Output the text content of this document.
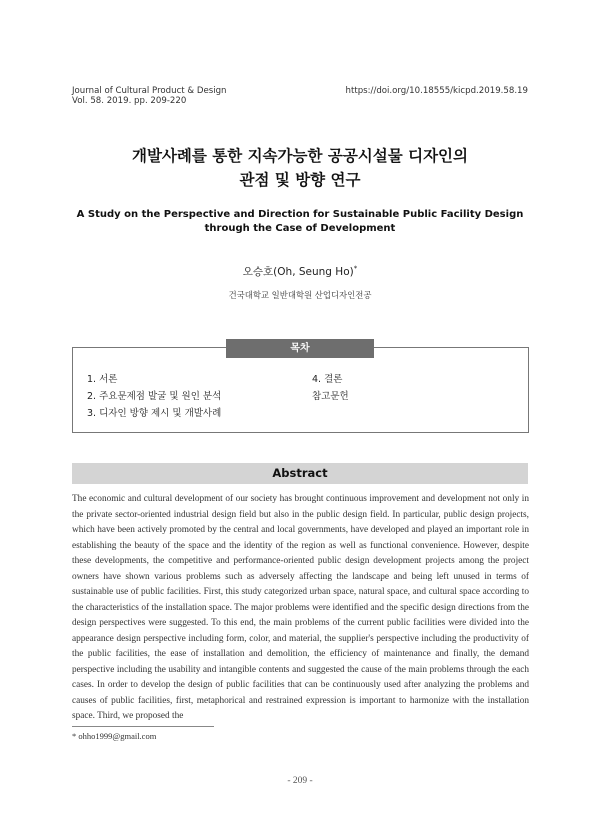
Journal of Cultural Product & Design
Vol. 58. 2019. pp. 209-220
https://doi.org/10.18555/kicpd.2019.58.19
개발사례를 통한 지속가능한 공공시설물 디자인의
관점 및 방향 연구
A Study on the Perspective and Direction for Sustainable Public Facility Design through the Case of Development
오승호(Oh, Seung Ho)*
건국대학교 일반대학원 산업디자인전공
목차
1. 서론
2. 주요문제점 발굴 및 원인 분석
3. 디자인 방향 제시 및 개발사례
4. 결론
참고문헌
Abstract

The economic and cultural development of our society has brought continuous improvement and development not only in the private sector-oriented industrial design field but also in the public design field. In particular, public design projects, which have been actively promoted by the central and local governments, have developed and played an important role in establishing the beauty of the space and the identity of the region as well as functional convenience. However, despite these developments, the competitive and performance-oriented public design development projects among the project owners have shown various problems such as adversely affecting the landscape and being left unused in terms of sustainable use of public facilities. First, this study categorized urban space, natural space, and cultural space according to the characteristics of the installation space. The major problems were identified and the specific design directions from the design perspectives were suggested. To this end, the main problems of the current public facilities were divided into the appearance design perspective including form, color, and material, the supplier's perspective including the productivity of the public facilities, the ease of installation and demolition, the efficiency of maintenance and finally, the demand perspective including the usability and intangible contents and suggested the cause of the main problems through the each cases. In order to develop the design of public facilities that can be continuously used after analyzing the problems and causes of public facilities, first, metaphorical and restrained expression is important to harmonize with the installation space. Third, we proposed the

* ohho1999@gmail.com
- 209 -
